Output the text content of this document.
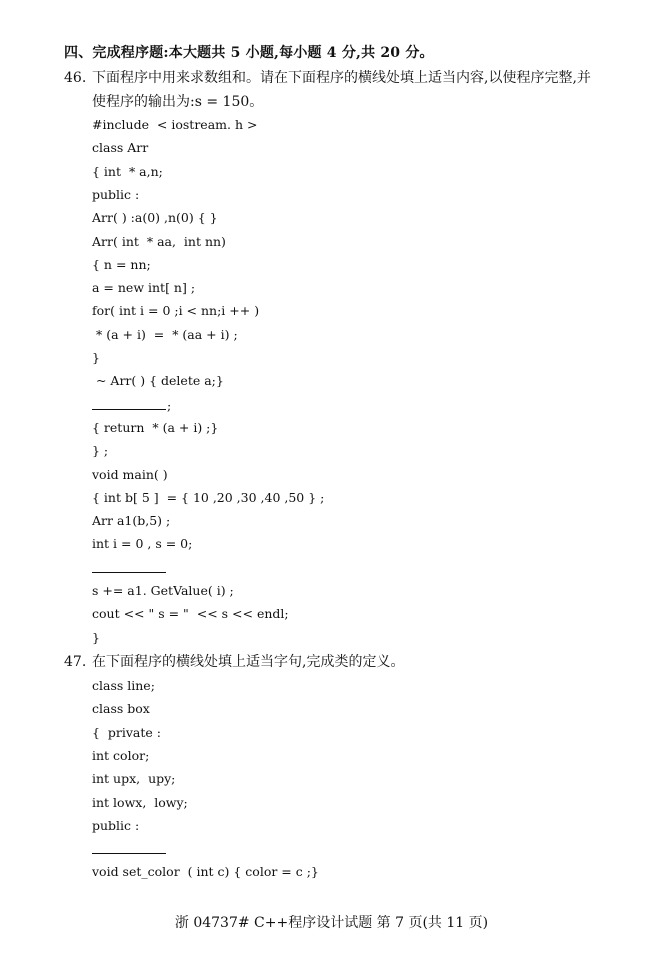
四、完成程序题:本大题共 5 小题,每小题 4 分,共 20 分。
46. 下面程序中用来求数组和。请在下面程序的横线处填上适当内容,以使程序完整,并
使程序的输出为:s = 150。
#include  < iostream. h >
class Arr
{ int  * a,n;
public :
Arr( ) :a(0) ,n(0) { }
Arr( int  * aa,  int nn)
{ n = nn;
a = new int[ n] ;
for( int i = 0 ;i < nn;i ++ )
* (a + i)  =  * (aa + i) ;
}
~ Arr( ) { delete a;}
;
{ return  * (a + i) ;}
} ;
void main( )
{ int b[ 5 ]  = { 10 ,20 ,30 ,40 ,50 } ;
Arr a1(b,5) ;
int i = 0 , s = 0;
s += a1. GetValue( i) ;
cout << " s = "  << s << endl;
}
47. 在下面程序的横线处填上适当字句,完成类的定义。
class line;
class box
{  private :
int color;
int upx,  upy;
int lowx,  lowy;
public :
void set_color  ( int c) { color = c ;}
浙 04737# C++程序设计试题 第 7 页(共 11 页)
